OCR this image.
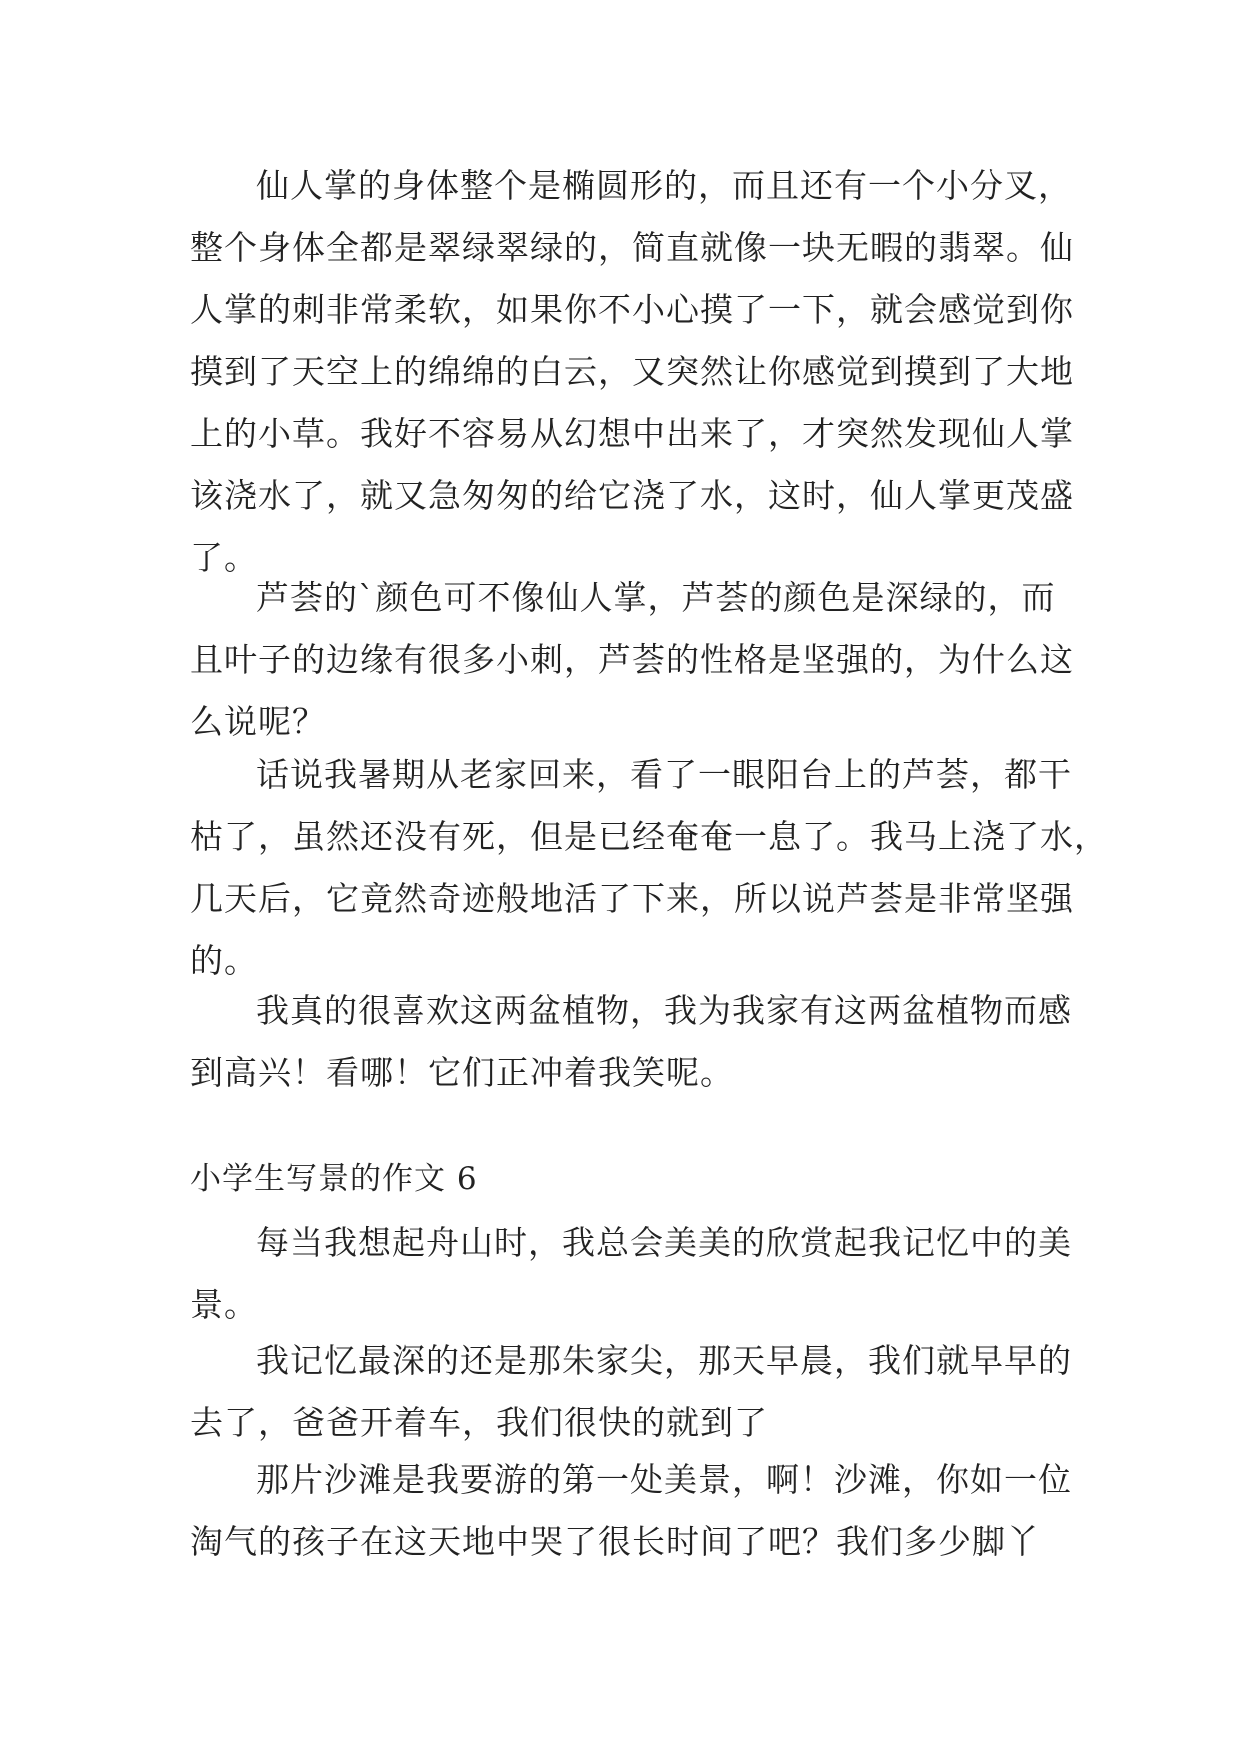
仙人掌的身体整个是椭圆形的，而且还有一个小分叉，
整个身体全都是翠绿翠绿的，简直就像一块无暇的翡翠。仙
人掌的刺非常柔软，如果你不小心摸了一下，就会感觉到你
摸到了天空上的绵绵的白云，又突然让你感觉到摸到了大地
上的小草。我好不容易从幻想中出来了，才突然发现仙人掌
该浇水了，就又急匆匆的给它浇了水，这时，仙人掌更茂盛
了。
芦荟的`颜色可不像仙人掌，芦荟的颜色是深绿的，而
且叶子的边缘有很多小刺，芦荟的性格是坚强的，为什么这
么说呢？
话说我暑期从老家回来，看了一眼阳台上的芦荟，都干
枯了，虽然还没有死，但是已经奄奄一息了。我马上浇了水，
几天后，它竟然奇迹般地活了下来，所以说芦荟是非常坚强
的。
我真的很喜欢这两盆植物，我为我家有这两盆植物而感
到高兴！看哪！它们正冲着我笑呢。
小学生写景的作文 6
每当我想起舟山时，我总会美美的欣赏起我记忆中的美
景。
我记忆最深的还是那朱家尖，那天早晨，我们就早早的
去了，爸爸开着车，我们很快的就到了
那片沙滩是我要游的第一处美景，啊！沙滩，你如一位
淘气的孩子在这天地中哭了很长时间了吧？我们多少脚丫
